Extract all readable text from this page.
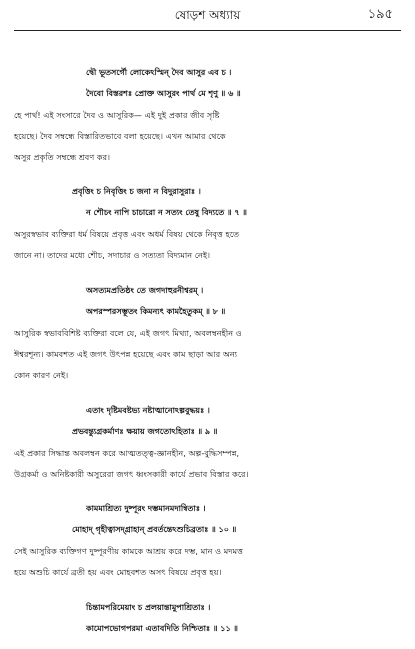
ষোড়শ অধ্যায়	১৯৫
দ্বৌ ভূতসর্গৌ লোকেঽস্মিন্‌ দৈব আসুর এব চ ।
দৈবো বিস্তরশঃ প্রোক্ত আসুরং পার্থ মে শৃণু ॥ ৬ ॥
হে পার্থ! এই সংসারে দৈব ও আসুরিক— এই দুই প্রকার জীব সৃষ্টি
হয়েছে। দৈব সম্বন্ধে বিস্তারিতভাবে বলা হয়েছে। এখন আমার থেকে
অসুর প্রকৃতি সম্বন্ধে শ্রবণ কর।
প্রবৃত্তিং চ নিবৃত্তিং চ জনা ন বিদুরাসুরাঃ ।
ন শৌচং নাপি চাচারো ন সত্যং তেষু বিদ্যতে ॥ ৭ ॥
অসুরস্বভাব ব্যক্তিরা ধর্ম বিষয়ে প্রবৃত্ত এবং অধর্ম বিষয় থেকে নিবৃত্ত হতে
জানে না। তাদের মধ্যে শৌচ, সদাচার ও সত্যতা বিদ্যমান নেই।
অসত্যমপ্রতিষ্ঠং তে জগদাহুরনীশ্বরম্‌ ।
অপরস্পরসম্ভূতং কিমন্যৎ কামহৈতুকম্‌ ॥ ৮ ॥
আসুরিক স্বভাববিশিষ্ট ব্যক্তিরা বলে যে, এই জগৎ মিথ্যা, অবলম্বনহীন ও
ঈশ্বরশূন্য। কামবশত এই জগৎ উৎপন্ন হয়েছে এবং কাম ছাড়া আর অন্য
কোন কারণ নেই।
এতাং দৃষ্টিমবষ্টভ্য নষ্টাত্মানোঽল্পবুদ্ধয়ঃ ।
প্রভবন্ত্যুগ্রকর্মাণঃ ক্ষয়ায় জগতোঽহিতাঃ ॥ ৯ ॥
এই প্রকার সিদ্ধান্ত অবলম্বন করে আত্মতত্ত্ব-জ্ঞানহীন, অল্প-বুদ্ধিসম্পন্ন,
উগ্রকর্মা ও অনিষ্টকারী অসুরেরা জগৎ ধ্বংসকারী কার্যে প্রভাব বিস্তার করে।
কামমাশ্রিত্য দুষ্পূরং দম্ভমানমদান্বিতাঃ ।
মোহাদ্‌ গৃহীত্বাসদ্‌গ্রাহান্‌ প্রবর্তন্তেঽশুচিব্রতাঃ ॥ ১০ ॥
সেই আসুরিক ব্যক্তিগণ দুষ্পূরণীয় কামকে আশ্রয় করে দম্ভ, মান ও মদমত্ত
হয়ে অশুচি কার্যে ব্রতী হয় এবং মোহবশত অসৎ বিষয়ে প্রবৃত্ত হয়।
চিন্তামপরিমেয়াং চ প্রলয়ান্তামুপাশ্রিতাঃ ।
কামোপভোগপরমা এতাবদিতি নিশ্চিতাঃ ॥ ১১ ॥
